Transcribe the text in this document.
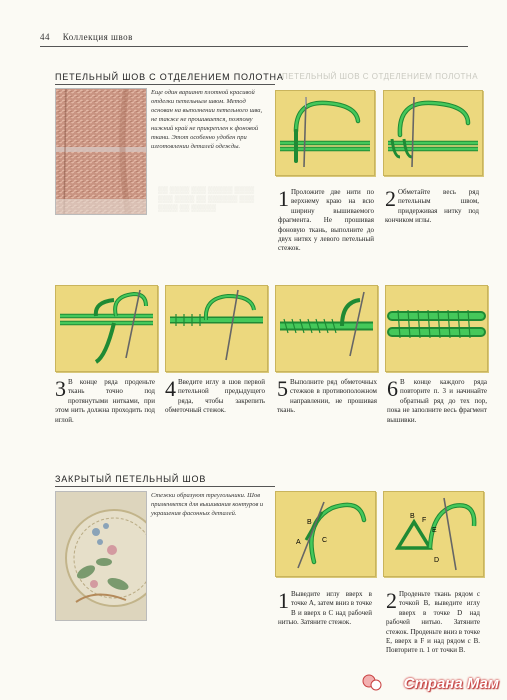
44 Коллекция швов
ПЕТЕЛЬНЫЙ ШОВ С ОТДЕЛЕНИЕМ ПОЛОТНА
ПЕТЕЛЬНЫЙ ШОВ С ОТДЕЛЕНИЕМ ПОЛОТНА
Еще один вариант плотной красивой отделки петельным швом. Метод основан на выполнении петельного шва, не также не прошивается, поэтому нижний край не прикреплен к фоновой ткани. Этот особенно удобен при изготовлении деталей одежды.
1 Проложите две нити по верхнему краю на всю ширину вышиваемого фрагмента. Не прошивая фоновую ткань, выполните до двух нитях у левого петельный стежок.
2 Обметайте весь ряд петельным швом, придерживая нитку под кончиком иглы.
▒▒ ▒▒▒▒ ▒▒▒ ▒▒▒▒▒ ▒▒▒▒ ▒▒▒ ▒▒▒▒ ▒▒ ▒▒▒▒▒▒ ▒▒▒ ▒▒▒▒ ▒▒ ▒▒▒▒▒
3 В конце ряда проденьте ткань точно под протянутыми нитками, при этом нить должна проходить под иглой.
4 Введите иглу в шов первой петельной предыдущего ряда, чтобы закрепить обметочный стежок.
5 Выполните ряд обметочных стежков в противоположном направлении, не прошивая ткань.
6 В конце каждого ряда повторите п. 3 и начинайте обратный ряд до тех пор, пока не заполните весь фрагмент вышивки.
ЗАКРЫТЫЙ ПЕТЕЛЬНЫЙ ШОВ
Стежки образуют треугольники. Шов применяется для вышивания контуров и украшения фасонных деталей.
B
A	C
B
E
F
D
1 Выведите иглу вверх в точке А, затем вниз в точке В и вверх в С над рабочей нитью. Затяните стежок.
2 Проденьте ткань рядом с точкой В, выведите иглу вверх в точке D над рабочей нитью. Затяните стежок. Проденьте вниз в точке Е, вверх в F и над рядом с В. Повторите п. 1 от точки В.
Страна Мам
